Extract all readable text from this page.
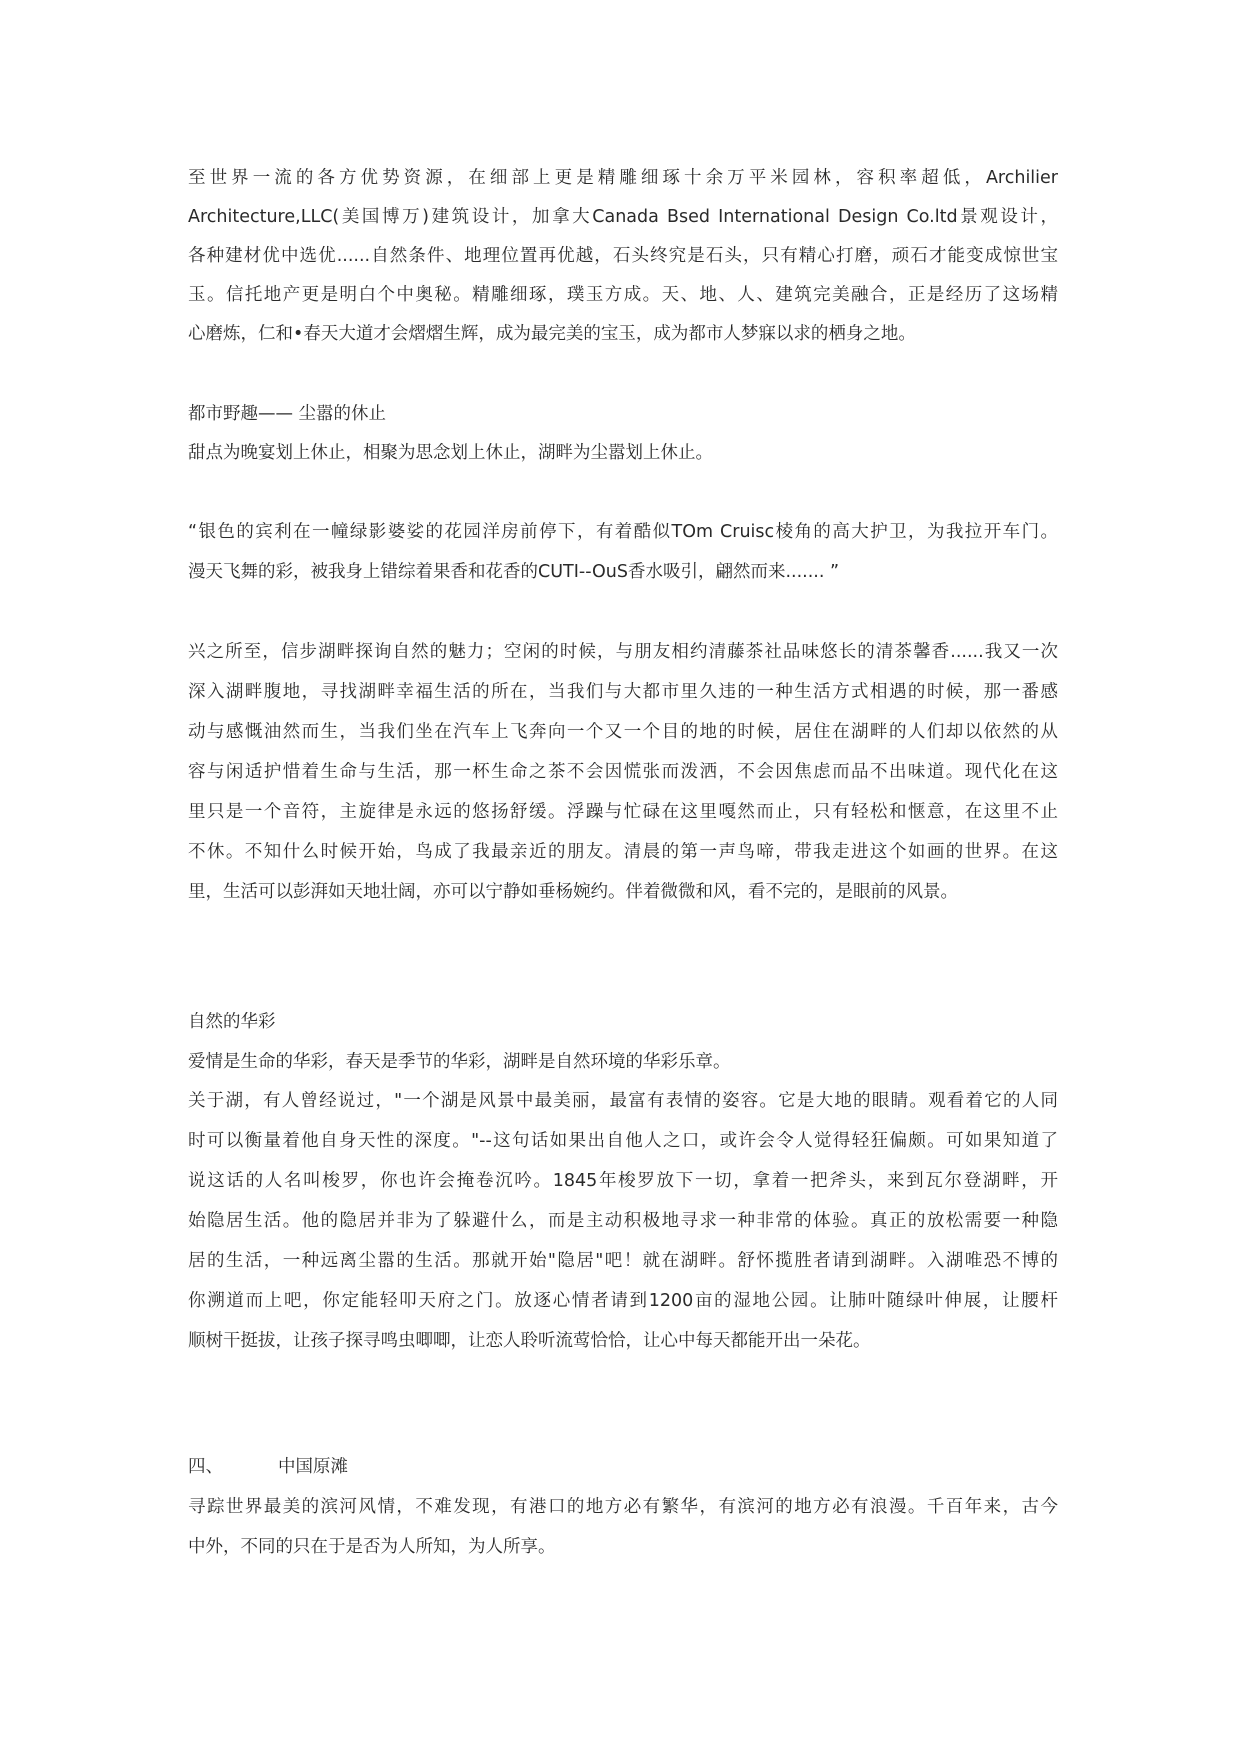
至世界一流的各方优势资源，在细部上更是精雕细琢十余万平米园林，容积率超低，Archilier
Architecture,LLC(美国博万)建筑设计，加拿大Canada Bsed International Design Co.ltd景观设计，
各种建材优中选优......自然条件、地理位置再优越，石头终究是石头，只有精心打磨，顽石才能变成惊世宝
玉。信托地产更是明白个中奥秘。精雕细琢，璞玉方成。天、地、人、建筑完美融合，正是经历了这场精
心磨炼，仁和•春天大道才会熠熠生辉，成为最完美的宝玉，成为都市人梦寐以求的栖身之地。
都市野趣—— 尘嚣的休止
甜点为晚宴划上休止，相聚为思念划上休止，湖畔为尘嚣划上休止。
“银色的宾利在一幢绿影婆娑的花园洋房前停下，有着酷似TOm Cruisc棱角的高大护卫，为我拉开车门。
漫天飞舞的彩，被我身上错综着果香和花香的CUTI--OuS香水吸引，翩然而来....... ”
兴之所至，信步湖畔探询自然的魅力；空闲的时候，与朋友相约清藤茶社品味悠长的清茶馨香......我又一次
深入湖畔腹地，寻找湖畔幸福生活的所在，当我们与大都市里久违的一种生活方式相遇的时候，那一番感
动与感慨油然而生，当我们坐在汽车上飞奔向一个又一个目的地的时候，居住在湖畔的人们却以依然的从
容与闲适护惜着生命与生活，那一杯生命之茶不会因慌张而泼洒，不会因焦虑而品不出味道。现代化在这
里只是一个音符，主旋律是永远的悠扬舒缓。浮躁与忙碌在这里嘎然而止，只有轻松和惬意，在这里不止
不休。不知什么时候开始，鸟成了我最亲近的朋友。清晨的第一声鸟啼，带我走进这个如画的世界。在这
里，生活可以彭湃如天地壮阔，亦可以宁静如垂杨婉约。伴着微微和风，看不完的，是眼前的风景。
自然的华彩
爱情是生命的华彩，春天是季节的华彩，湖畔是自然环境的华彩乐章。
关于湖，有人曾经说过，"一个湖是风景中最美丽，最富有表情的姿容。它是大地的眼睛。观看着它的人同
时可以衡量着他自身天性的深度。"--这句话如果出自他人之口，或许会令人觉得轻狂偏颇。可如果知道了
说这话的人名叫梭罗，你也许会掩卷沉吟。1845年梭罗放下一切，拿着一把斧头，来到瓦尔登湖畔，开
始隐居生活。他的隐居并非为了躲避什么，而是主动积极地寻求一种非常的体验。真正的放松需要一种隐
居的生活，一种远离尘嚣的生活。那就开始"隐居"吧！就在湖畔。舒怀揽胜者请到湖畔。入湖唯恐不博的
你溯道而上吧，你定能轻叩天府之门。放逐心情者请到1200亩的湿地公园。让肺叶随绿叶伸展，让腰杆
顺树干挺拔，让孩子探寻鸣虫唧唧，让恋人聆听流莺恰恰，让心中每天都能开出一朵花。
四、	中国原滩
寻踪世界最美的滨河风情，不难发现，有港口的地方必有繁华，有滨河的地方必有浪漫。千百年来，古今
中外，不同的只在于是否为人所知，为人所享。
